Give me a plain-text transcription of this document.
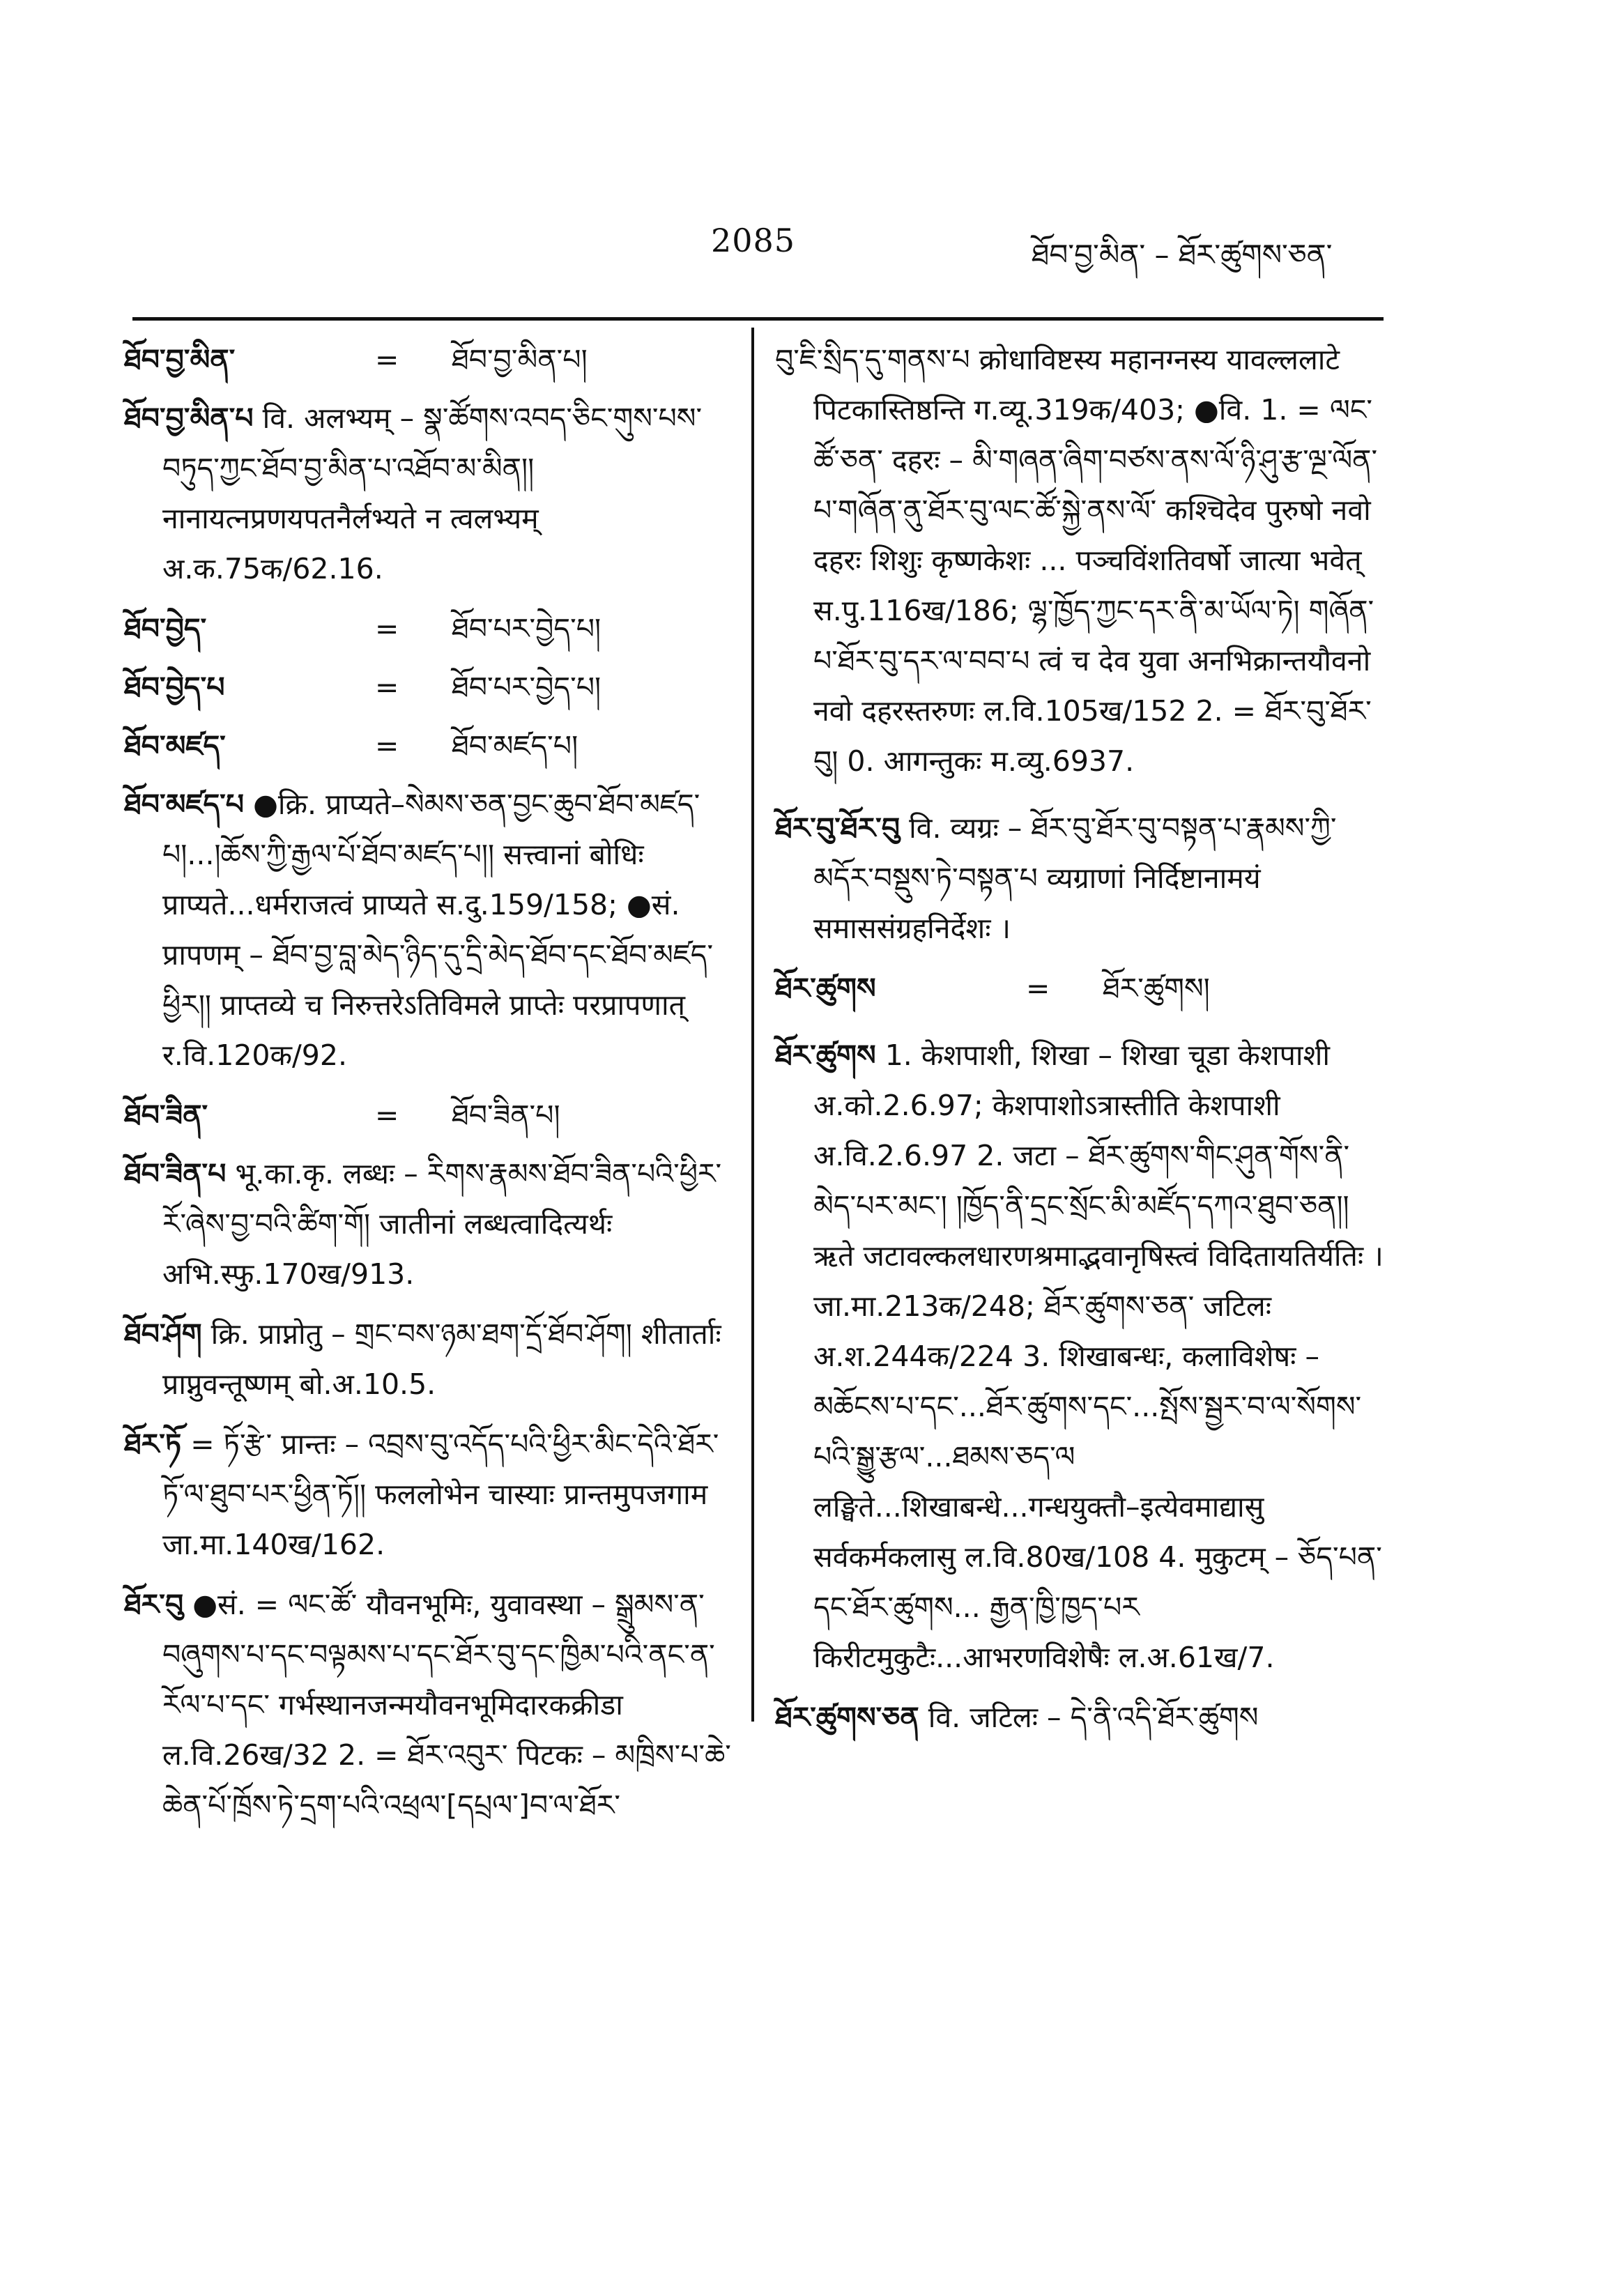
2085	ཐོབ་བྱ་མིན་ – ཐོར་ཚུགས་ཅན་
ཐོབ་བྱ་མིན་	=	ཐོབ་བྱ་མིན་པ།
ཐོབ་བྱ་མིན་པ वि. अलभ्यम् – སྣ་ཚོགས་འབད་ཅིང་གུས་པས་བཏུད་ཀྱང་ཐོབ་བྱ་མིན་པ་འཐོབ་མ་མིན།། नानायत्नप्रणयपतनैर्लभ्यते न त्वलभ्यम् अ.क.75क/62.16.
ཐོབ་བྱེད་	=	ཐོབ་པར་བྱེད་པ།
ཐོབ་བྱེད་པ	=	ཐོབ་པར་བྱེད་པ།
ཐོབ་མཛད་	=	ཐོབ་མཛད་པ།
ཐོབ་མཛད་པ ●क्रि. प्राप्यते–སེམས་ཅན་བྱང་ཆུབ་ཐོབ་མཛད་པ།...།ཆོས་ཀྱི་རྒྱལ་པོ་ཐོབ་མཛད་པ།། सत्त्वानां बोधिः प्राप्यते...धर्मराजत्वं प्राप्यते स.दु.159/158; ●सं. प्रापणम् – ཐོབ་བྱ་བླ་མེད་ཉིད་དུ་དྲི་མེད་ཐོབ་དང་ཐོབ་མཛད་ཕྱིར།། प्राप्तव्ये च निरुत्तरेऽतिविमले प्राप्तेः परप्रापणात् र.वि.120क/92.
ཐོབ་ཟིན་	=	ཐོབ་ཟིན་པ།
ཐོབ་ཟིན་པ भू.का.कृ. लब्धः – རིགས་རྣམས་ཐོབ་ཟིན་པའི་ཕྱིར་རོ་ཞེས་བྱ་བའི་ཚིག་གོ། जातीनां लब्धत्वादित्यर्थः अभि.स्फु.170ख/913.
ཐོབ་ཤོག क्रि. प्राप्नोतु – གྲང་བས་ཉམ་ཐག་དྲོ་ཐོབ་ཤོག། शीतार्ताः प्राप्नुवन्तूष्णम् बो.अ.10.5.
ཐོར་ཏོ = ཏོ་རྩེ་ प्रान्तः – འབྲས་བུ་འདོད་པའི་ཕྱིར་མིང་དེའི་ཐོར་ཏོ་ལ་ཐུབ་པར་ཕྱིན་ཏོ།། फललोभेन चास्याः प्रान्तमुपजगाम जा.मा.140ख/162.
ཐོར་བུ ●सं. = ལང་ཚོ་ यौवनभूमिः, युवावस्था – སྒྲུམས་ན་བཞུགས་པ་དང་བལྟམས་པ་དང་ཐོར་བུ་དང་ཁྱིམ་པའི་ནང་ན་རོལ་པ་དང་ गर्भस्थानजन्मयौवनभूमिदारकक्रीडा ल.वि.26ख/32 2. = ཐོར་འབུར་ पिटकः – མཁྲིས་པ་ཆེ་ཆེན་པོ་ཁྲོས་ཏེ་དྲག་པའི་འཕྲལ་[དཔྲལ་]བ་ལ་ཐོར་
བུ་ཇི་སྲིད་དུ་གནས་པ क्रोधाविष्टस्य महानग्नस्य यावल्ललाटे पिटकास्तिष्ठन्ति ग.व्यू.319क/403; ●वि. 1. = ལང་ཚོ་ཅན་ दहरः – མི་གཞན་ཞིག་བཙས་ནས་ལོ་ཉི་ཤུ་རྩ་ལྔ་ལོན་པ་གཞོན་ནུ་ཐོར་བུ་ལང་ཚོ་སྐྱེ་ནས་ལོ་ कश्चिदेव पुरुषो नवो दहरः शिशुः कृष्णकेशः ... पञ्चविंशतिवर्षो जात्या भवेत् स.पु.116ख/186; ལྷ་ཁྱོད་ཀྱང་དར་ནི་མ་ཡོལ་ཏེ། གཞོན་པ་ཐོར་བུ་དར་ལ་བབ་པ त्वं च देव युवा अनभिक्रान्तयौवनो नवो दहरस्तरुणः ल.वि.105ख/152 2. = ཐོར་བུ་ཐོར་བུ། 0. आगन्तुकः म.व्यु.6937.
ཐོར་བུ་ཐོར་བུ वि. व्यग्रः – ཐོར་བུ་ཐོར་བུ་བསྟན་པ་རྣམས་ཀྱི་མདོར་བསྡུས་ཏེ་བསྟན་པ व्यग्राणां निर्दिष्टानामयं समाससंग्रहनिर्देशः ।
ཐོར་ཚུགས	=	ཐོར་ཚུགས།
ཐོར་ཚུགས 1. केशपाशी, शिखा – शिखा चूडा केशपाशी अ.को.2.6.97; केशपाशोऽत्रास्तीति केशपाशी अ.वि.2.6.97 2. जटा – ཐོར་ཚུགས་གིང་ཤུན་གོས་ནི་མེད་པར་མང་། །ཁྱོད་ནི་དྲང་སྲོང་མི་མཛོད་དཀའ་ཐུབ་ཅན།། ऋते जटावल्कलधारणश्रमाद्भवानृषिस्त्वं विदितायतिर्यतिः । जा.मा.213क/248; ཐོར་ཚུགས་ཅན་ जटिलः अ.श.244क/224 3. शिखाबन्धः, कलाविशेषः – མཆོངས་པ་དང་...ཐོར་ཚུགས་དང་...སྤོས་སྦྱར་བ་ལ་སོགས་པའི་སྒྱུ་རྩལ་...ཐམས་ཅད་ལ लङ्घिते...शिखाबन्धे...गन्धयुक्तौ–इत्येवमाद्यासु सर्वकर्मकलासु ल.वि.80ख/108 4. मुकुटम् – ཅོད་པན་དང་ཐོར་ཚུགས... རྒྱན་ཁྱི་ཁྱད་པར किरीटमुकुटैः...आभरणविशेषैः ल.अ.61ख/7.
ཐོར་ཚུགས་ཅན वि. जटिलः – དེ་ནི་འདི་ཐོར་ཚུགས
